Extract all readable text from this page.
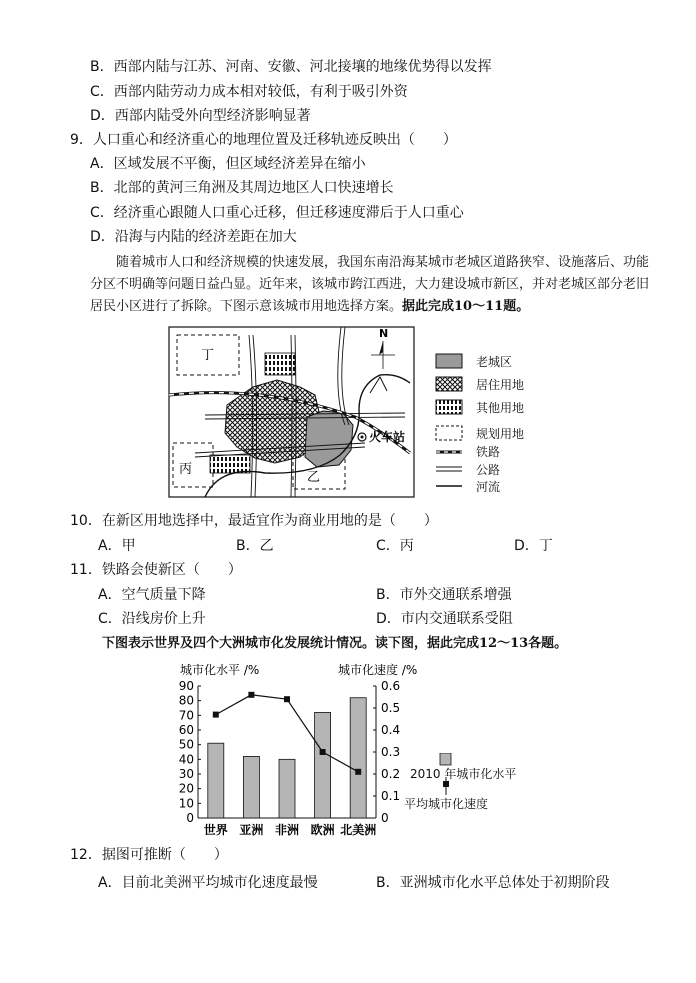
B．西部内陆与江苏、河南、安徽、河北接壤的地缘优势得以发挥
C．西部内陆劳动力成本相对较低，有利于吸引外资
D．西部内陆受外向型经济影响显著
9．人口重心和经济重心的地理位置及迁移轨迹反映出（　　）
A．区域发展不平衡，但区域经济差异在缩小
B．北部的黄河三角洲及其周边地区人口快速增长
C．经济重心跟随人口重心迁移，但迁移速度滞后于人口重心
D．沿海与内陆的经济差距在加大
随着城市人口和经济规模的快速发展，我国东南沿海某城市老城区道路狭窄、设施落后、功能分区不明确等问题日益凸显。近年来，该城市跨江西进，大力建设城市新区，并对老城区部分老旧居民小区进行了拆除。下图示意该城市用地选择方案。据此完成10～11题。
火车站
丁
丙
乙
N
老城区
居住用地
其他用地
规划用地
铁路
公路
河流
10．在新区用地选择中，最适宜作为商业用地的是（　　）
A．甲	B．乙	C．丙	D．丁
11．铁路会使新区（　　）
A．空气质量下降	B．市外交通联系增强
C．沿线房价上升	D．市内交通联系受阻
下图表示世界及四个大洲城市化发展统计情况。读下图，据此完成12～13各题。
城市化水平 /%	城市化速度 /%
0
10
20
30
40
50
60
70
80
90
0
0.1
0.2
0.3
0.4
0.5
0.6
世界 亚洲 非洲 欧洲 北美洲
2010 年城市化水平
平均城市化速度
12．据图可推断（　　）
A．目前北美洲平均城市化速度最慢	B．亚洲城市化水平总体处于初期阶段
